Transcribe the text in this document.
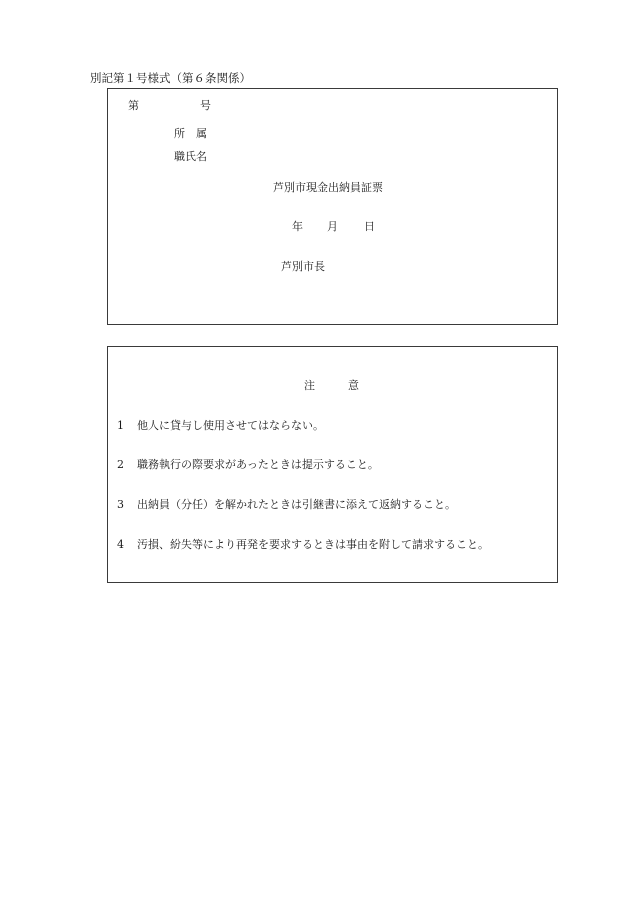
別記第１号様式（第６条関係）
第	号
所　属
職氏名
芦別市現金出納員証票
年 月 日
芦別市長
注　　　意
1 他人に貸与し使用させてはならない。
2 職務執行の際要求があったときは提示すること。
3 出納員（分任）を解かれたときは引継書に添えて返納すること。
4 汚損、紛失等により再発を要求するときは事由を附して請求すること。
